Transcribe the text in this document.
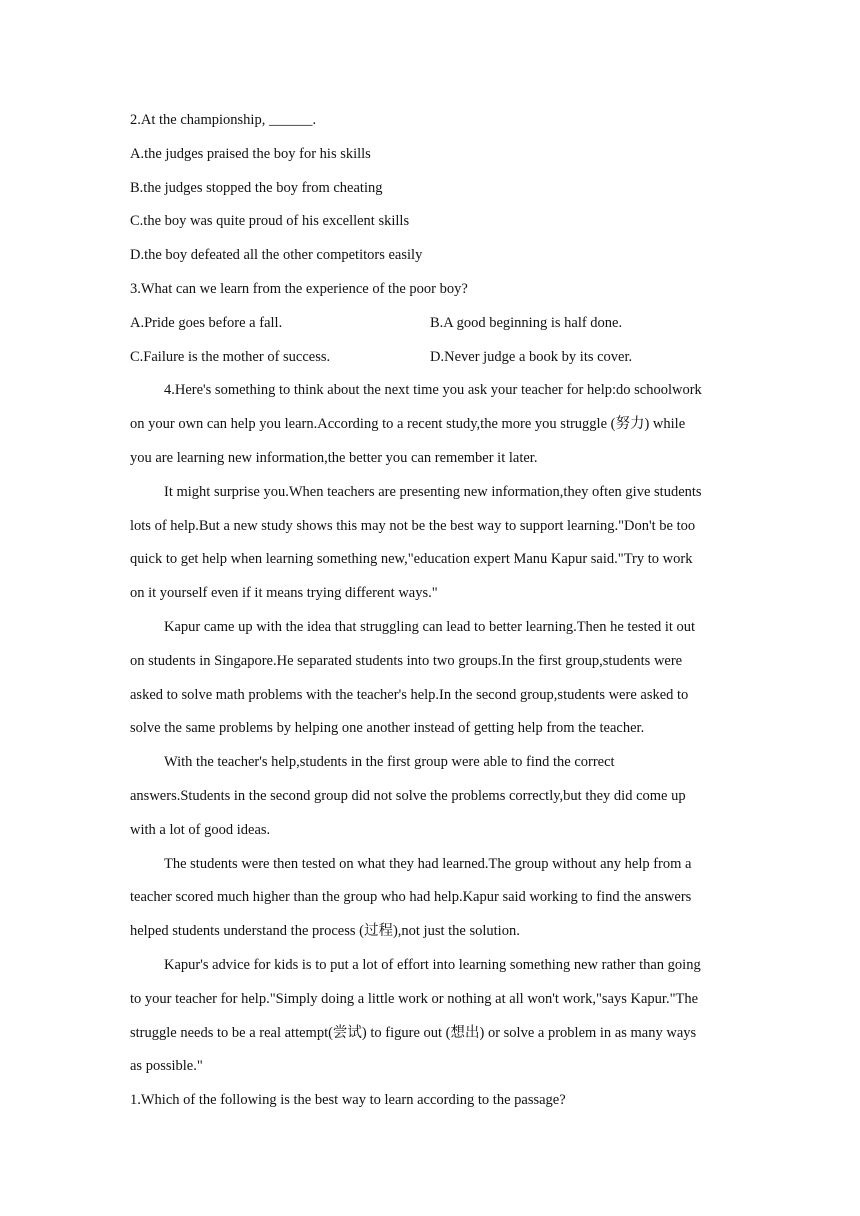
2.At the championship, ______.
A.the judges praised the boy for his skills
B.the judges stopped the boy from cheating
C.the boy was quite proud of his excellent skills
D.the boy defeated all the other competitors easily
3.What can we learn from the experience of the poor boy?
A.Pride goes before a fall.	B.A good beginning is half done.
C.Failure is the mother of success.	D.Never judge a book by its cover.
4.Here's something to think about the next time you ask your teacher for help:do schoolwork
on your own can help you learn.According to a recent study,the more you struggle (努力) while
you are learning new information,the better you can remember it later.
It might surprise you.When teachers are presenting new information,they often give students
lots of help.But a new study shows this may not be the best way to support learning."Don't be too
quick to get help when learning something new,"education expert Manu Kapur said."Try to work
on it yourself even if it means trying different ways."
Kapur came up with the idea that struggling can lead to better learning.Then he tested it out
on students in Singapore.He separated students into two groups.In the first group,students were
asked to solve math problems with the teacher's help.In the second group,students were asked to
solve the same problems by helping one another instead of getting help from the teacher.
With the teacher's help,students in the first group were able to find the correct
answers.Students in the second group did not solve the problems correctly,but they did come up
with a lot of good ideas.
The students were then tested on what they had learned.The group without any help from a
teacher scored much higher than the group who had help.Kapur said working to find the answers
helped students understand the process (过程),not just the solution.
Kapur's advice for kids is to put a lot of effort into learning something new rather than going
to your teacher for help."Simply doing a little work or nothing at all won't work,"says Kapur."The
struggle needs to be a real attempt(尝试) to figure out (想出) or solve a problem in as many ways
as possible."
1.Which of the following is the best way to learn according to the passage?
